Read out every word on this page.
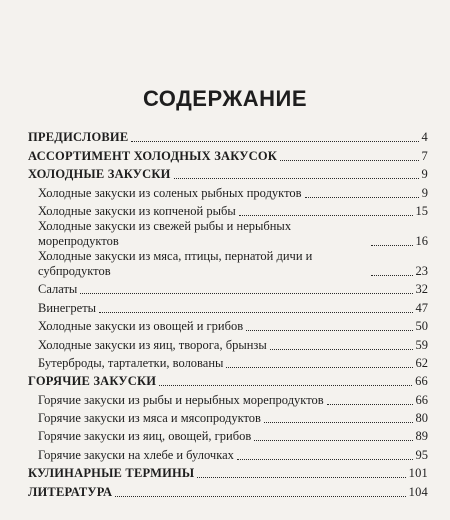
СОДЕРЖАНИЕ
ПРЕДИСЛОВИЕ	4
АССОРТИМЕНТ ХОЛОДНЫХ ЗАКУСОК	7
ХОЛОДНЫЕ ЗАКУСКИ	9
Холодные закуски из соленых рыбных продуктов	9
Холодные закуски из копченой рыбы	15
Холодные закуски из свежей рыбы и нерыбных морепродуктов	16
Холодные закуски из мяса, птицы, пернатой дичи и субпродуктов	23
Салаты	32
Винегреты	47
Холодные закуски из овощей и грибов	50
Холодные закуски из яиц, творога, брынзы	59
Бутерброды, тарталетки, волованы	62
ГОРЯЧИЕ ЗАКУСКИ	66
Горячие закуски из рыбы и нерыбных морепродуктов	66
Горячие закуски из мяса и мясопродуктов	80
Горячие закуски из яиц, овощей, грибов	89
Горячие закуски на хлебе и булочках	95
КУЛИНАРНЫЕ ТЕРМИНЫ	101
ЛИТЕРАТУРА	104
